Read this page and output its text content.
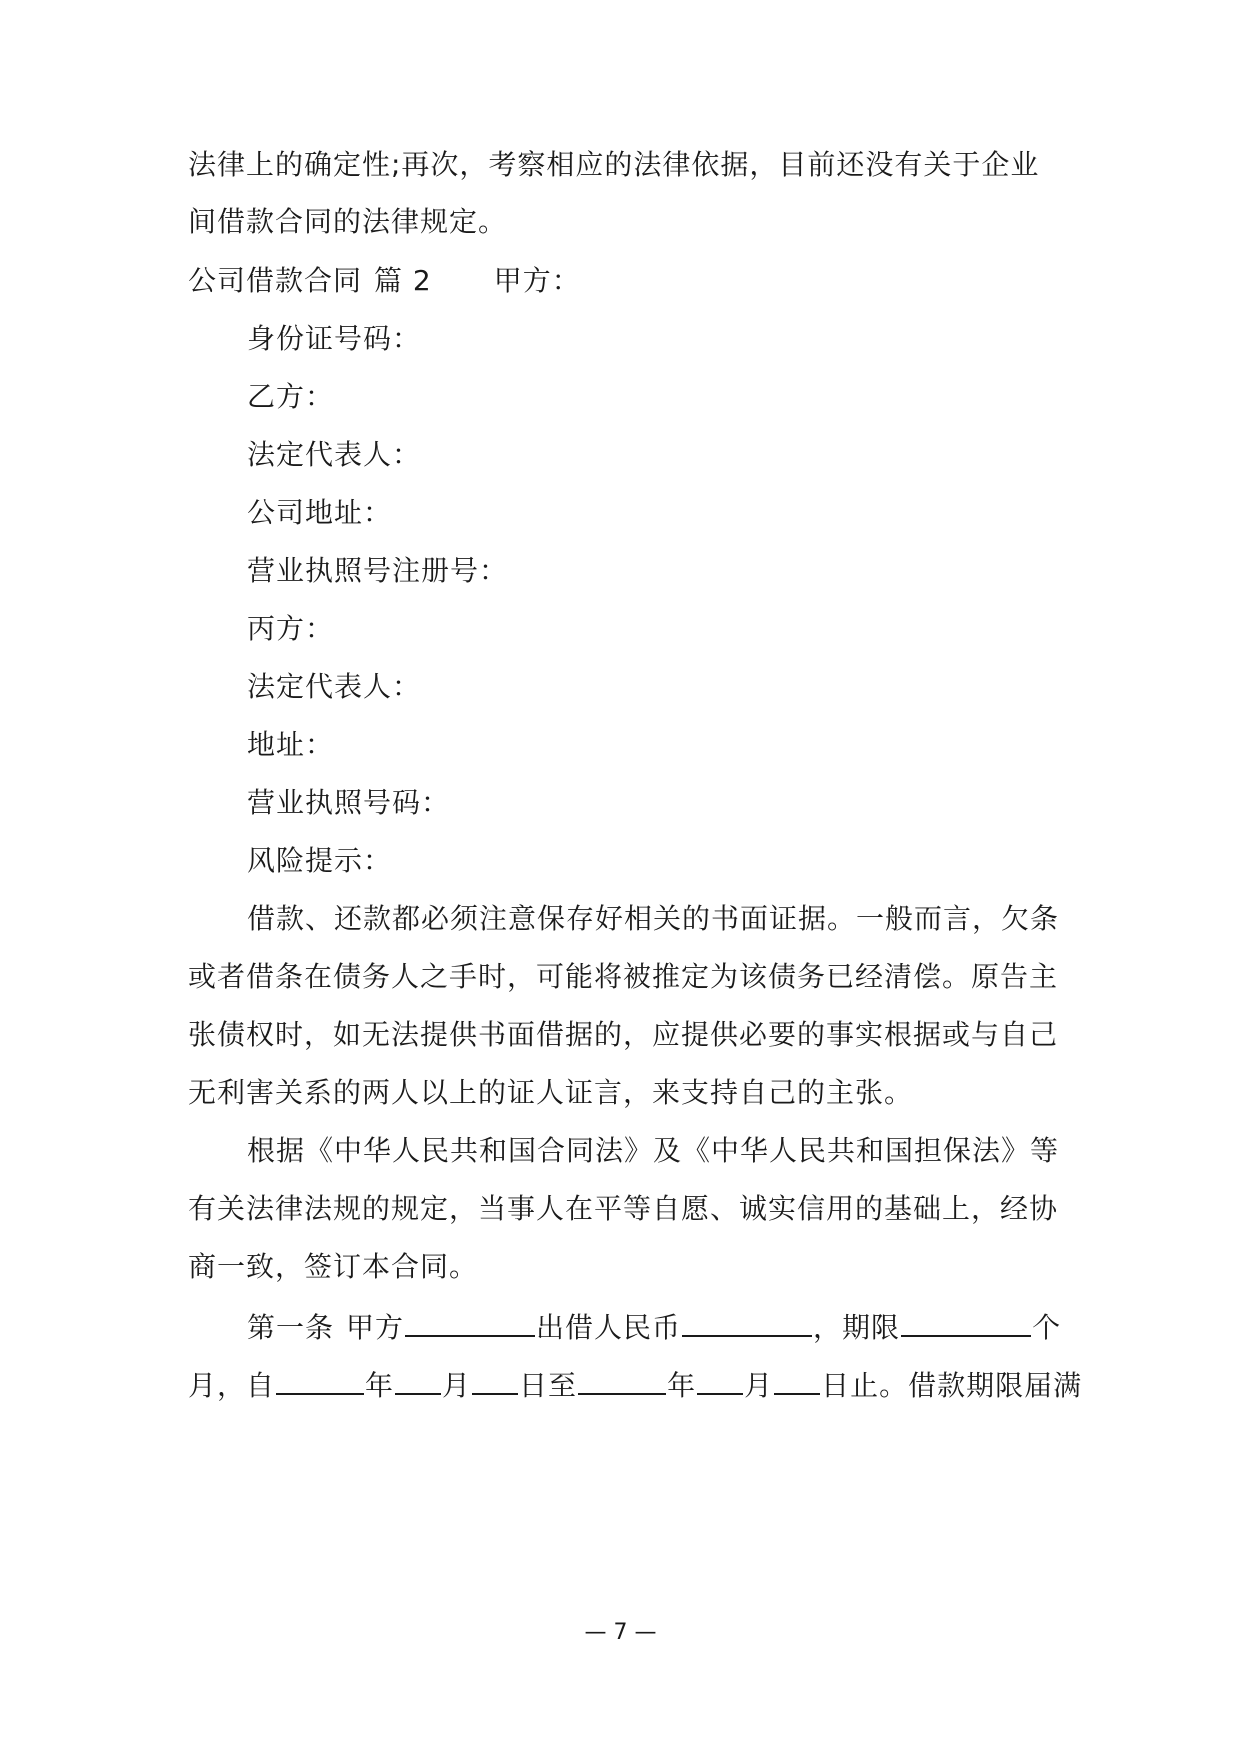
法律上的确定性;再次，考察相应的法律依据，目前还没有关于企业
间借款合同的法律规定。
公司借款合同 篇 2 甲方：
身份证号码：
乙方：
法定代表人：
公司地址：
营业执照号注册号：
丙方：
法定代表人：
地址：
营业执照号码：
风险提示：
借款、还款都必须注意保存好相关的书面证据。一般而言，欠条
或者借条在债务人之手时，可能将被推定为该债务已经清偿。原告主
张债权时，如无法提供书面借据的，应提供必要的事实根据或与自己
无利害关系的两人以上的证人证言，来支持自己的主张。
根据《中华人民共和国合同法》及《中华人民共和国担保法》等
有关法律法规的规定，当事人在平等自愿、诚实信用的基础上，经协
商一致，签订本合同。
第一条 甲方	出借人民币	，期限	个
月，自	年 月 日至	年 月 日止。借款期限届满
— 7 —
